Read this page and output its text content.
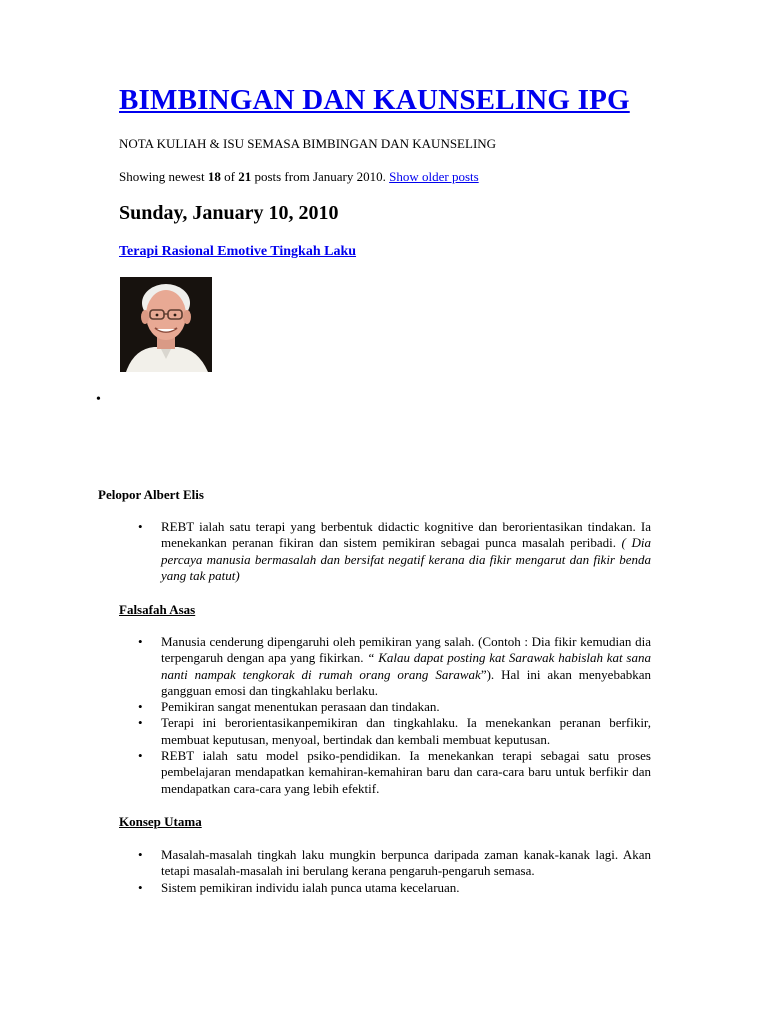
BIMBINGAN DAN KAUNSELING IPG
NOTA KULIAH & ISU SEMASA BIMBINGAN DAN KAUNSELING
Showing newest 18 of 21 posts from January 2010. Show older posts
Sunday, January 10, 2010
Terapi Rasional Emotive Tingkah Laku
•
Pelopor Albert Elis
• REBT ialah satu terapi yang berbentuk didactic kognitive dan berorientasikan tindakan. Ia menekankan peranan fikiran dan sistem pemikiran sebagai punca masalah peribadi. ( Dia percaya manusia bermasalah dan bersifat negatif kerana dia fikir mengarut dan fikir benda yang tak patut)
Falsafah Asas
• Manusia cenderung dipengaruhi oleh pemikiran yang salah. (Contoh : Dia fikir kemudian dia terpengaruh dengan apa yang fikirkan. “ Kalau dapat posting kat Sarawak habislah kat sana nanti nampak tengkorak di rumah orang orang Sarawak”). Hal ini akan menyebabkan gangguan emosi dan tingkahlaku berlaku.
• Pemikiran sangat menentukan perasaan dan tindakan.
• Terapi ini berorientasikanpemikiran dan tingkahlaku. Ia menekankan peranan berfikir, membuat keputusan, menyoal, bertindak dan kembali membuat keputusan.
• REBT ialah satu model psiko-pendidikan. Ia menekankan terapi sebagai satu proses pembelajaran mendapatkan kemahiran-kemahiran baru dan cara-cara baru untuk berfikir dan mendapatkan cara-cara yang lebih efektif.
Konsep Utama
• Masalah-masalah tingkah laku mungkin berpunca daripada zaman kanak-kanak lagi. Akan tetapi masalah-masalah ini berulang kerana pengaruh-pengaruh semasa.
• Sistem pemikiran individu ialah punca utama kecelaruan.
